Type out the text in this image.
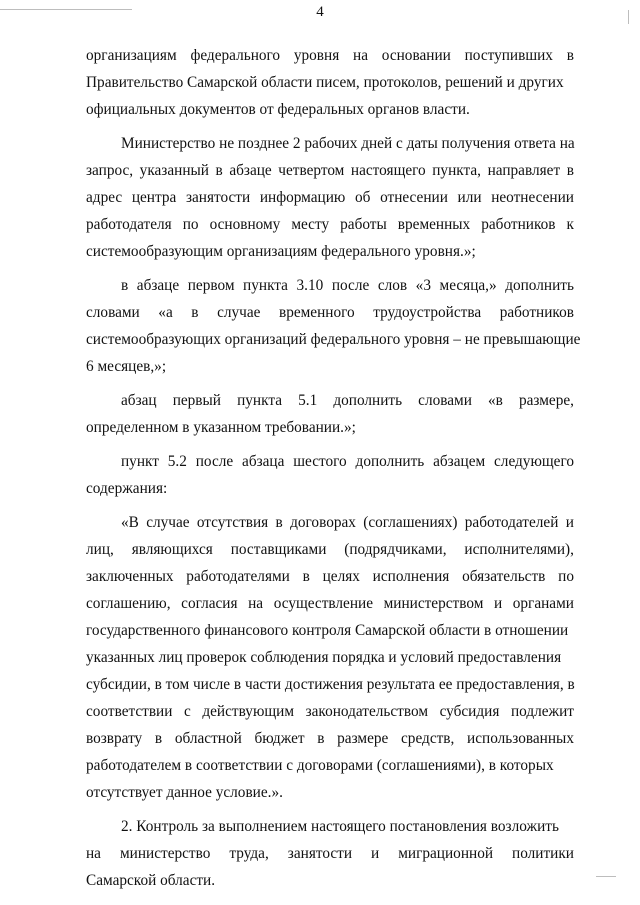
4
организациям федерального уровня на основании поступивших в
Правительство Самарской области писем, протоколов, решений и других
официальных документов от федеральных органов власти.
Министерство не позднее 2 рабочих дней с даты получения ответа на
запрос, указанный в абзаце четвертом настоящего пункта, направляет в
адрес центра занятости информацию об отнесении или неотнесении
работодателя по основному месту работы временных работников к
системообразующим организациям федерального уровня.»;
в абзаце первом пункта 3.10 после слов «3 месяца,» дополнить
словами «а в случае временного трудоустройства работников
системообразующих организаций федерального уровня – не превышающие
6 месяцев,»;
абзац первый пункта 5.1 дополнить словами «в размере,
определенном в указанном требовании.»;
пункт 5.2 после абзаца шестого дополнить абзацем следующего
содержания:
«В случае отсутствия в договорах (соглашениях) работодателей и
лиц, являющихся поставщиками (подрядчиками, исполнителями),
заключенных работодателями в целях исполнения обязательств по
соглашению, согласия на осуществление министерством и органами
государственного финансового контроля Самарской области в отношении
указанных лиц проверок соблюдения порядка и условий предоставления
субсидии, в том числе в части достижения результата ее предоставления, в
соответствии с действующим законодательством субсидия подлежит
возврату в областной бюджет в размере средств, использованных
работодателем в соответствии с договорами (соглашениями), в которых
отсутствует данное условие.».
2. Контроль за выполнением настоящего постановления возложить
на министерство труда, занятости и миграционной политики
Самарской области.
